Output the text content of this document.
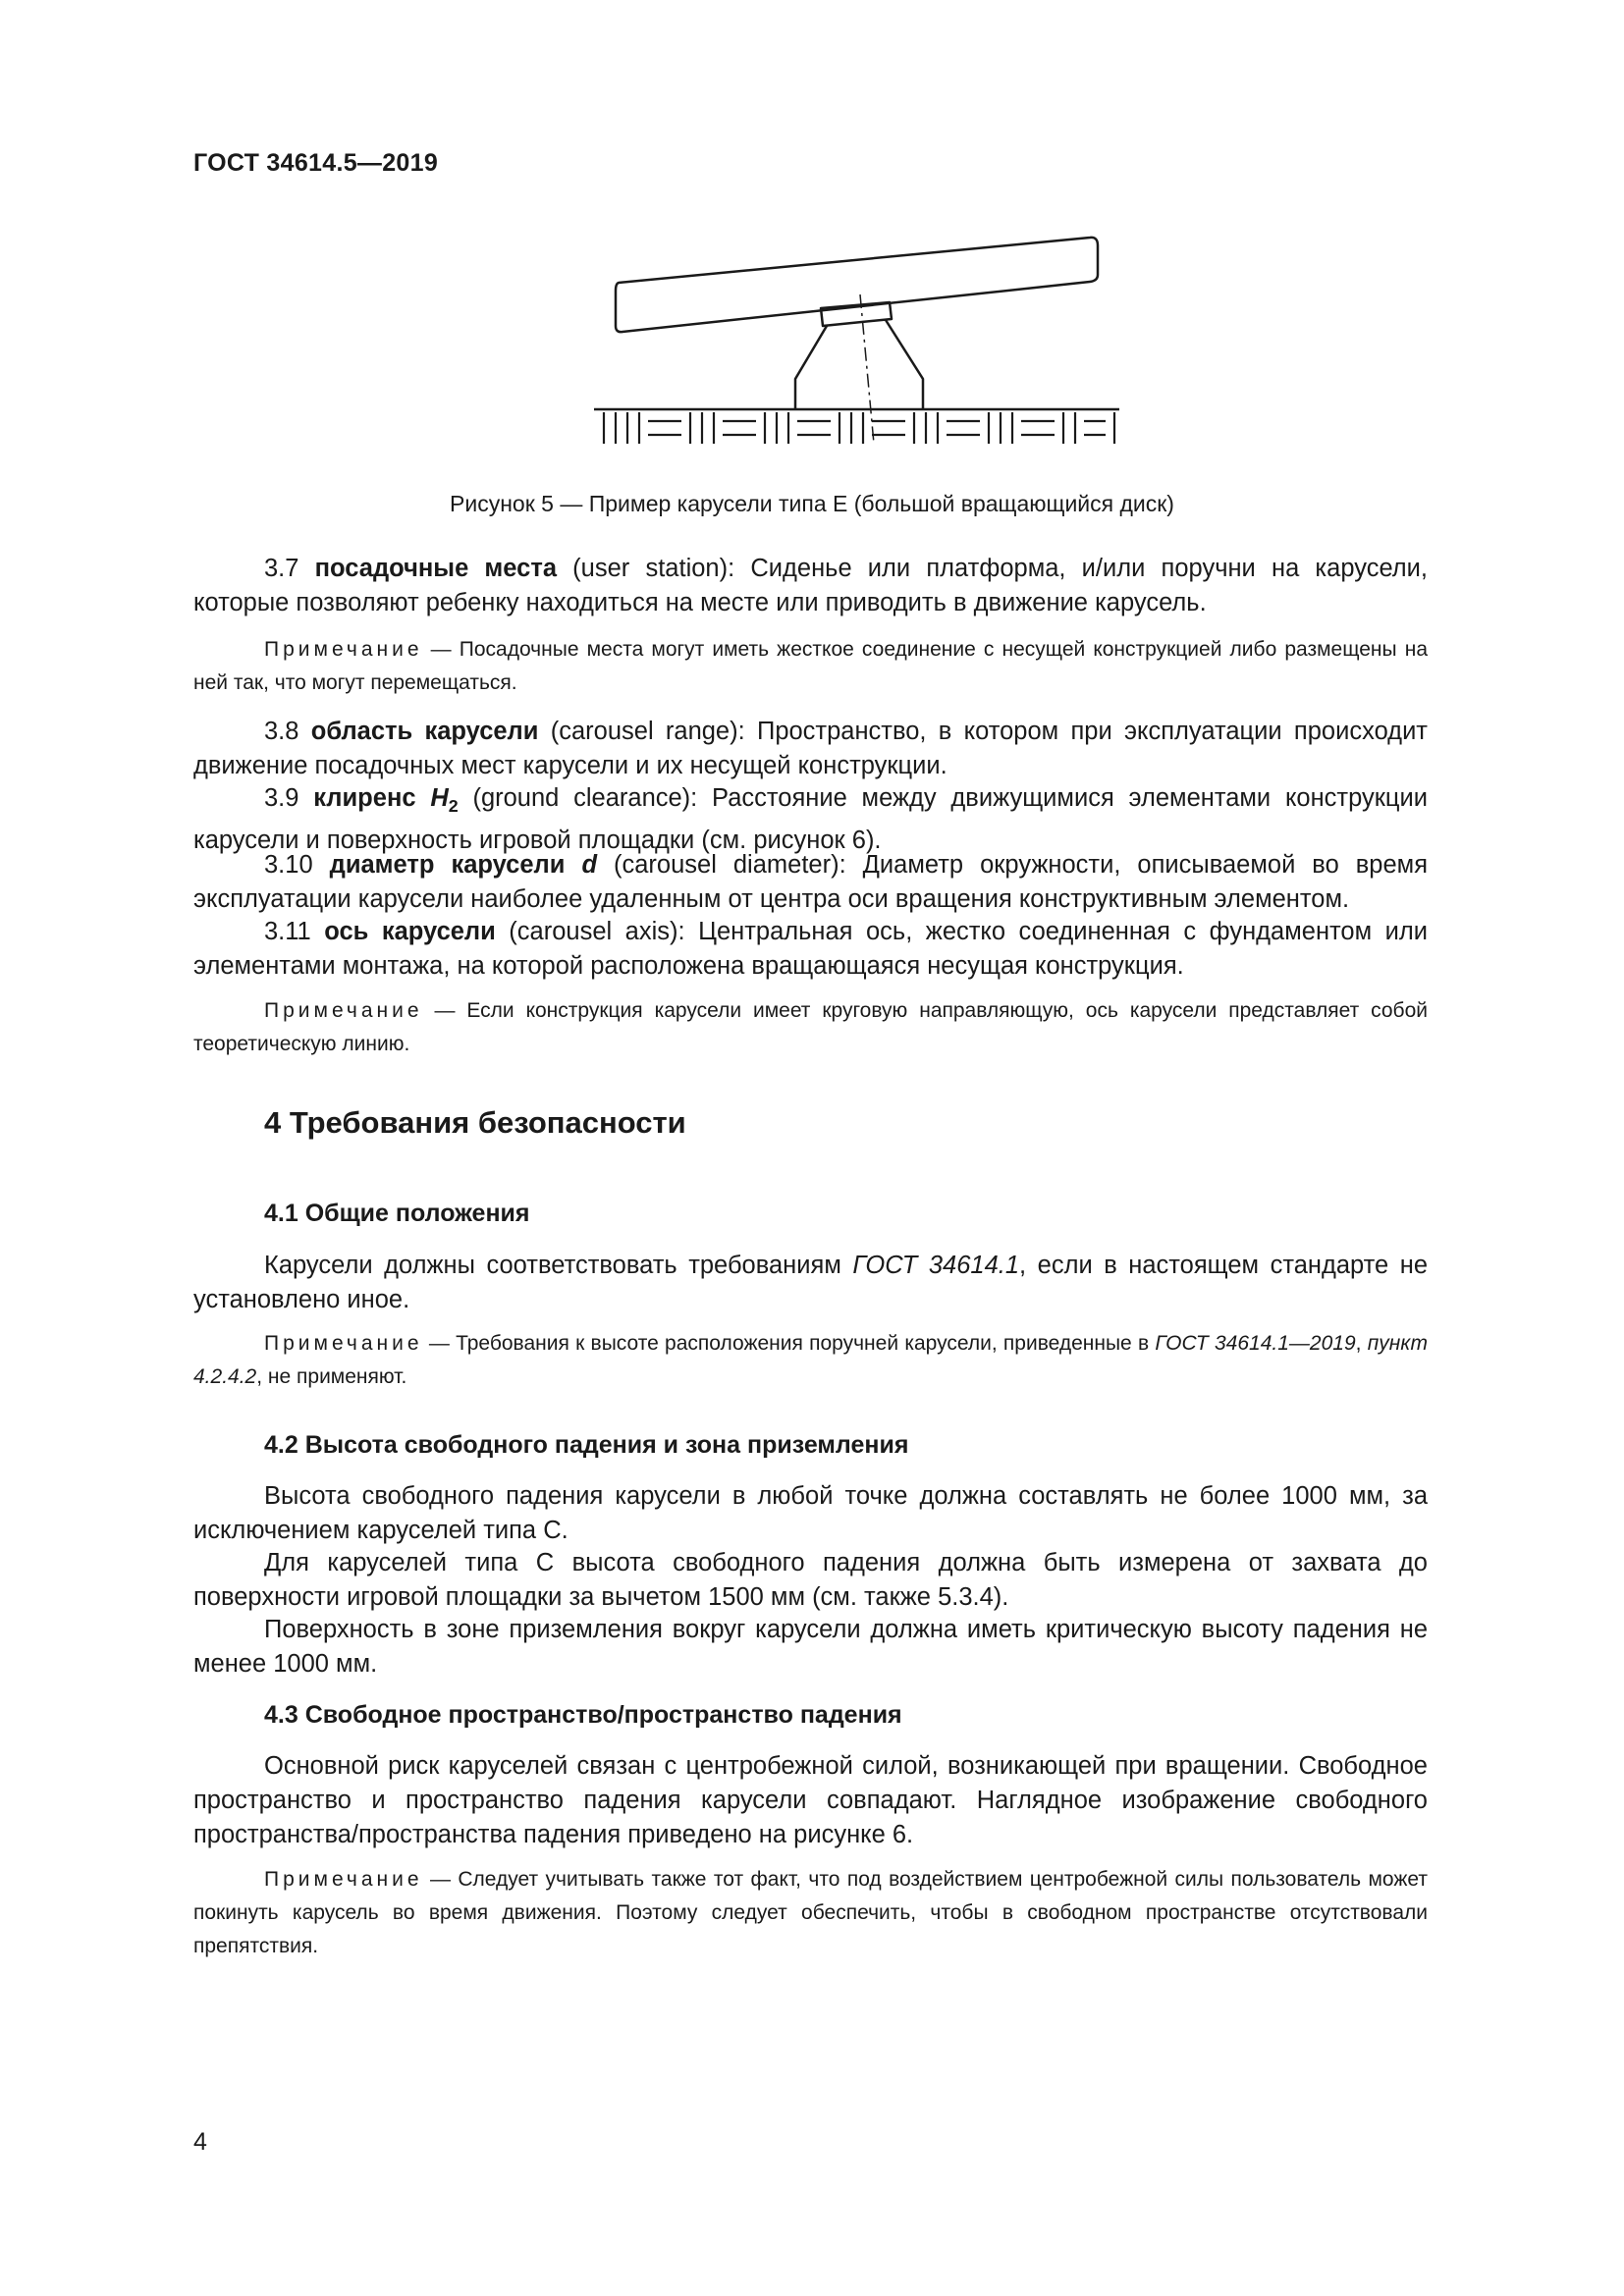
ГОСТ 34614.5—2019
Рисунок 5 — Пример карусели типа Е (большой вращающийся диск)
3.7 посадочные места (user station): Сиденье или платформа, и/или поручни на карусели, которые позволяют ребенку находиться на месте или приводить в движение карусель.
Примечание — Посадочные места могут иметь жесткое соединение с несущей конструкцией либо размещены на ней так, что могут перемещаться.
3.8 область карусели (carousel range): Пространство, в котором при эксплуатации происходит движение посадочных мест карусели и их несущей конструкции.
3.9 клиренс $H_2$ (ground clearance): Расстояние между движущимися элементами конструкции карусели и поверхность игровой площадки (см. рисунок 6).
3.10 диаметр карусели d (carousel diameter): Диаметр окружности, описываемой во время эксплуатации карусели наиболее удаленным от центра оси вращения конструктивным элементом.
3.11 ось карусели (carousel axis): Центральная ось, жестко соединенная с фундаментом или элементами монтажа, на которой расположена вращающаяся несущая конструкция.
Примечание — Если конструкция карусели имеет круговую направляющую, ось карусели представляет собой теоретическую линию.
4 Требования безопасности
4.1 Общие положения
Карусели должны соответствовать требованиям ГОСТ 34614.1, если в настоящем стандарте не установлено иное.
Примечание — Требования к высоте расположения поручней карусели, приведенные в ГОСТ 34614.1—2019, пункт 4.2.4.2, не применяют.
4.2 Высота свободного падения и зона приземления
Высота свободного падения карусели в любой точке должна составлять не более 1000 мм, за исключением каруселей типа С.
Для каруселей типа С высота свободного падения должна быть измерена от захвата до поверхности игровой площадки за вычетом 1500 мм (см. также 5.3.4).
Поверхность в зоне приземления вокруг карусели должна иметь критическую высоту падения не менее 1000 мм.
4.3 Свободное пространство/пространство падения
Основной риск каруселей связан с центробежной силой, возникающей при вращении. Свободное пространство и пространство падения карусели совпадают. Наглядное изображение свободного пространства/пространства падения приведено на рисунке 6.
Примечание — Следует учитывать также тот факт, что под воздействием центробежной силы пользователь может покинуть карусель во время движения. Поэтому следует обеспечить, чтобы в свободном пространстве отсутствовали препятствия.
4
